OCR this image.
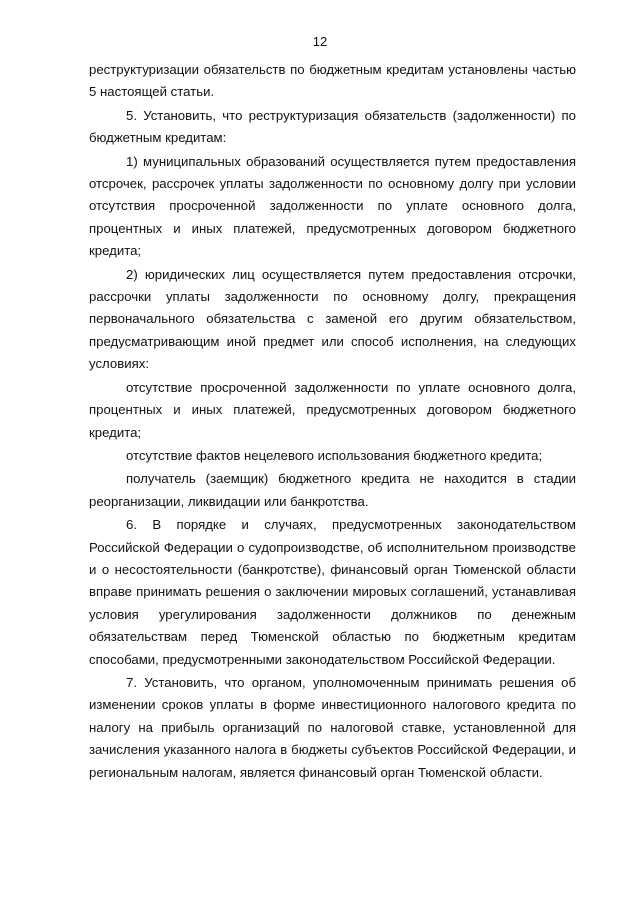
12

реструктуризации обязательств по бюджетным кредитам установлены частью 5 настоящей статьи.

5. Установить, что реструктуризация обязательств (задолженности) по бюджетным кредитам:

1) муниципальных образований осуществляется путем предоставления отсрочек, рассрочек уплаты задолженности по основному долгу при условии отсутствия просроченной задолженности по уплате основного долга, процентных и иных платежей, предусмотренных договором бюджетного кредита;

2) юридических лиц осуществляется путем предоставления отсрочки, рассрочки уплаты задолженности по основному долгу, прекращения первоначального обязательства с заменой его другим обязательством, предусматривающим иной предмет или способ исполнения, на следующих условиях:

отсутствие просроченной задолженности по уплате основного долга, процентных и иных платежей, предусмотренных договором бюджетного кредита;

отсутствие фактов нецелевого использования бюджетного кредита;

получатель (заемщик) бюджетного кредита не находится в стадии реорганизации, ликвидации или банкротства.

6. В порядке и случаях, предусмотренных законодательством Российской Федерации о судопроизводстве, об исполнительном производстве и о несостоятельности (банкротстве), финансовый орган Тюменской области вправе принимать решения о заключении мировых соглашений, устанавливая условия урегулирования задолженности должников по денежным обязательствам перед Тюменской областью по бюджетным кредитам способами, предусмотренными законодательством Российской Федерации.

7. Установить, что органом, уполномоченным принимать решения об изменении сроков уплаты в форме инвестиционного налогового кредита по налогу на прибыль организаций по налоговой ставке, установленной для зачисления указанного налога в бюджеты субъектов Российской Федерации, и региональным налогам, является финансовый орган Тюменской области.
